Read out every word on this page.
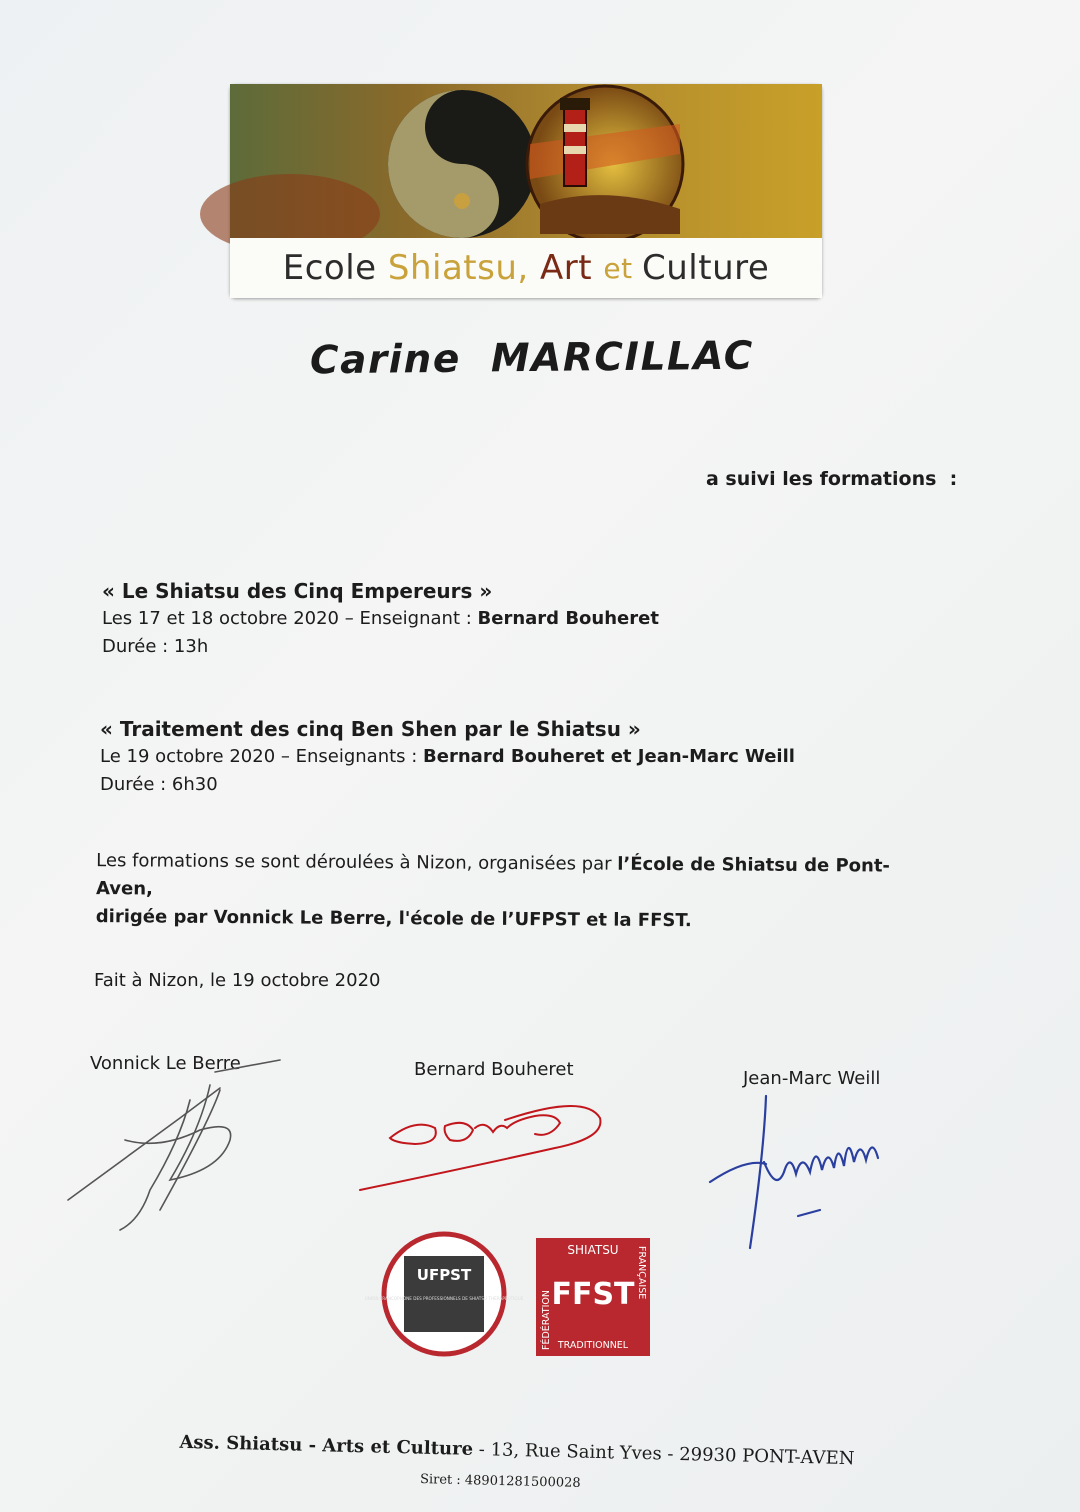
Ecole Shiatsu, Art et Culture
Carine  MARCILLAC
a suivi les formations  :
« Le Shiatsu des Cinq Empereurs »
Les 17 et 18 octobre 2020 – Enseignant : Bernard Bouheret
Durée : 13h
« Traitement des cinq Ben Shen par le Shiatsu »
Le 19 octobre 2020 – Enseignants : Bernard Bouheret et Jean-Marc Weill
Durée : 6h30
Les formations se sont déroulées à Nizon, organisées par l’École de Shiatsu de Pont-Aven,
dirigée par Vonnick Le Berre, l'école de l’UFPST et la FFST.
Fait à Nizon, le 19 octobre 2020
Vonnick Le Berre	Bernard Bouheret	Jean-Marc Weill
UFPST
UNION FRANCOPHONE DES PROFESSIONNELS DE SHIATSU THÉRAPEUTIQUE
SHIATSU
FFST
TRADITIONNEL
FÉDÉRATION
FRANÇAISE
Ass. Shiatsu - Arts et Culture - 13, Rue Saint Yves - 29930 PONT-AVEN
Siret : 48901281500028
